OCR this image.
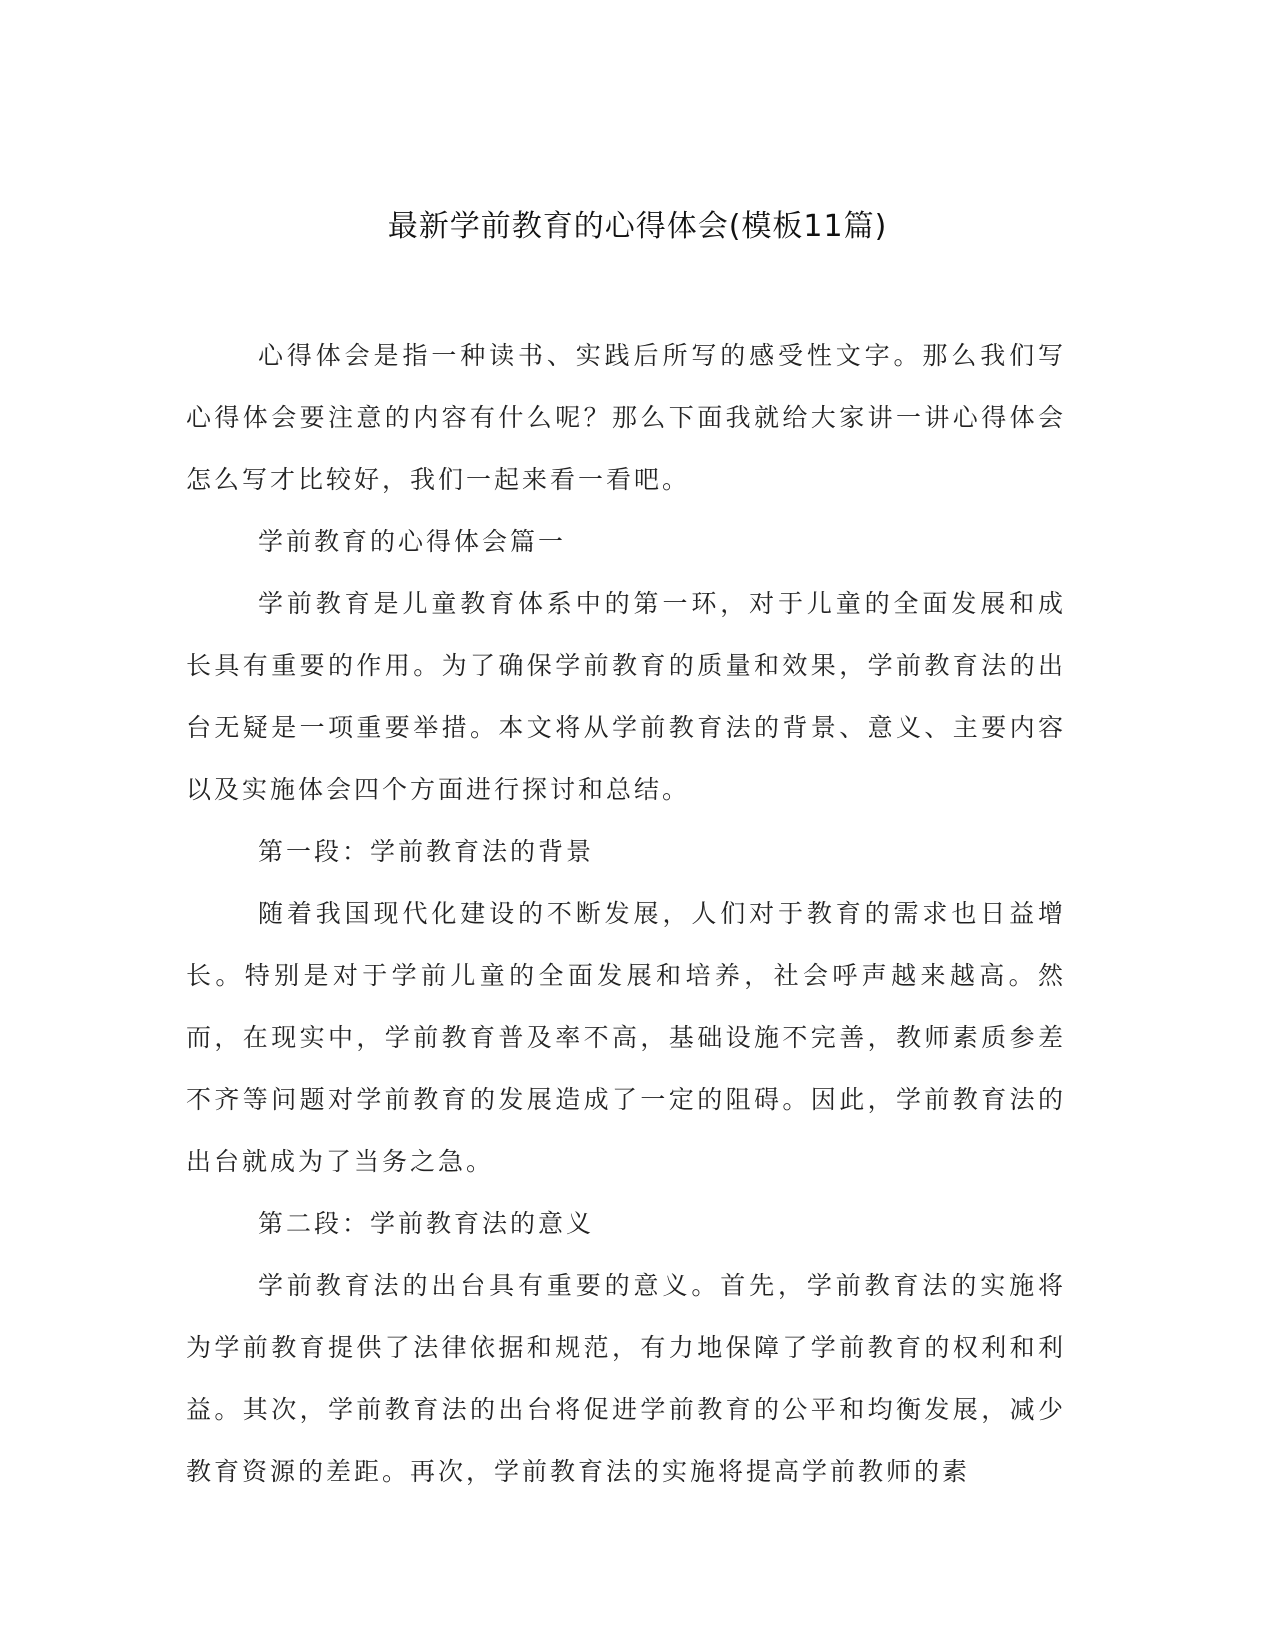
最新学前教育的心得体会(模板11篇)

心得体会是指一种读书、实践后所写的感受性文字。那么我们写心得体会要注意的内容有什么呢？那么下面我就给大家讲一讲心得体会怎么写才比较好，我们一起来看一看吧。

学前教育的心得体会篇一

学前教育是儿童教育体系中的第一环，对于儿童的全面发展和成长具有重要的作用。为了确保学前教育的质量和效果，学前教育法的出台无疑是一项重要举措。本文将从学前教育法的背景、意义、主要内容以及实施体会四个方面进行探讨和总结。

第一段：学前教育法的背景

随着我国现代化建设的不断发展，人们对于教育的需求也日益增长。特别是对于学前儿童的全面发展和培养，社会呼声越来越高。然而，在现实中，学前教育普及率不高，基础设施不完善，教师素质参差不齐等问题对学前教育的发展造成了一定的阻碍。因此，学前教育法的出台就成为了当务之急。

第二段：学前教育法的意义

学前教育法的出台具有重要的意义。首先，学前教育法的实施将为学前教育提供了法律依据和规范，有力地保障了学前教育的权利和利益。其次，学前教育法的出台将促进学前教育的公平和均衡发展，减少教育资源的差距。再次，学前教育法的实施将提高学前教师的素
